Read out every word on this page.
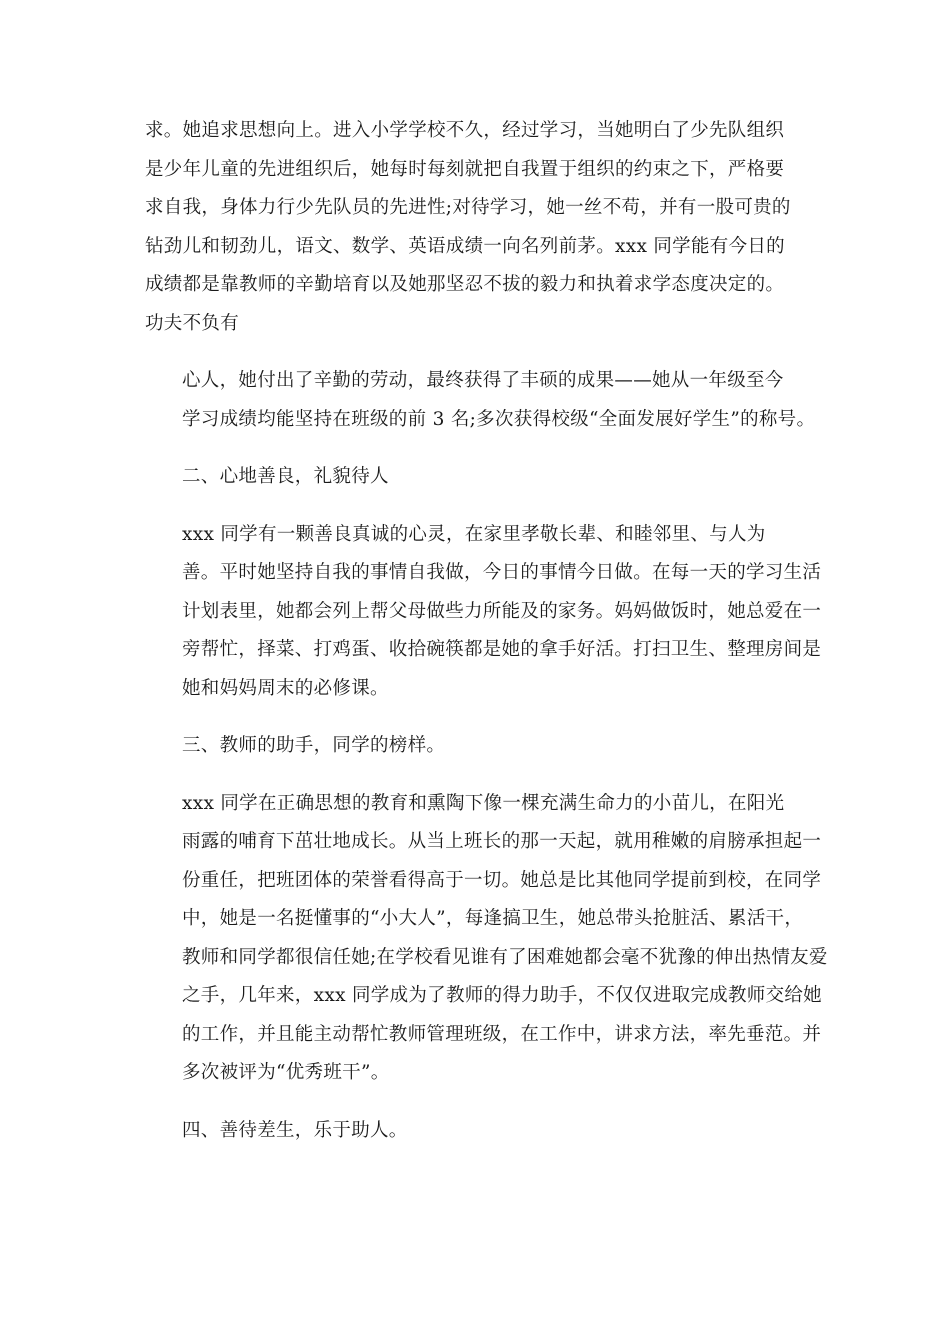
求。她追求思想向上。进入小学学校不久，经过学习，当她明白了少先队组织
是少年儿童的先进组织后，她每时每刻就把自我置于组织的约束之下，严格要
求自我，身体力行少先队员的先进性;对待学习，她一丝不苟，并有一股可贵的
钻劲儿和韧劲儿，语文、数学、英语成绩一向名列前茅。xxx 同学能有今日的
成绩都是靠教师的辛勤培育以及她那坚忍不拔的毅力和执着求学态度决定的。
功夫不负有
心人，她付出了辛勤的劳动，最终获得了丰硕的成果——她从一年级至今
学习成绩均能坚持在班级的前 3 名;多次获得校级“全面发展好学生”的称号。
二、心地善良，礼貌待人
xxx 同学有一颗善良真诚的心灵，在家里孝敬长辈、和睦邻里、与人为
善。平时她坚持自我的事情自我做，今日的事情今日做。在每一天的学习生活
计划表里，她都会列上帮父母做些力所能及的家务。妈妈做饭时，她总爱在一
旁帮忙，择菜、打鸡蛋、收拾碗筷都是她的拿手好活。打扫卫生、整理房间是
她和妈妈周末的必修课。
三、教师的助手，同学的榜样。
xxx 同学在正确思想的教育和熏陶下像一棵充满生命力的小苗儿，在阳光
雨露的哺育下茁壮地成长。从当上班长的那一天起，就用稚嫩的肩膀承担起一
份重任，把班团体的荣誉看得高于一切。她总是比其他同学提前到校，在同学
中，她是一名挺懂事的“小大人”，每逢搞卫生，她总带头抢脏活、累活干，
教师和同学都很信任她;在学校看见谁有了困难她都会毫不犹豫的伸出热情友爱
之手，几年来，xxx 同学成为了教师的得力助手，不仅仅进取完成教师交给她
的工作，并且能主动帮忙教师管理班级，在工作中，讲求方法，率先垂范。并
多次被评为“优秀班干”。
四、善待差生，乐于助人。
